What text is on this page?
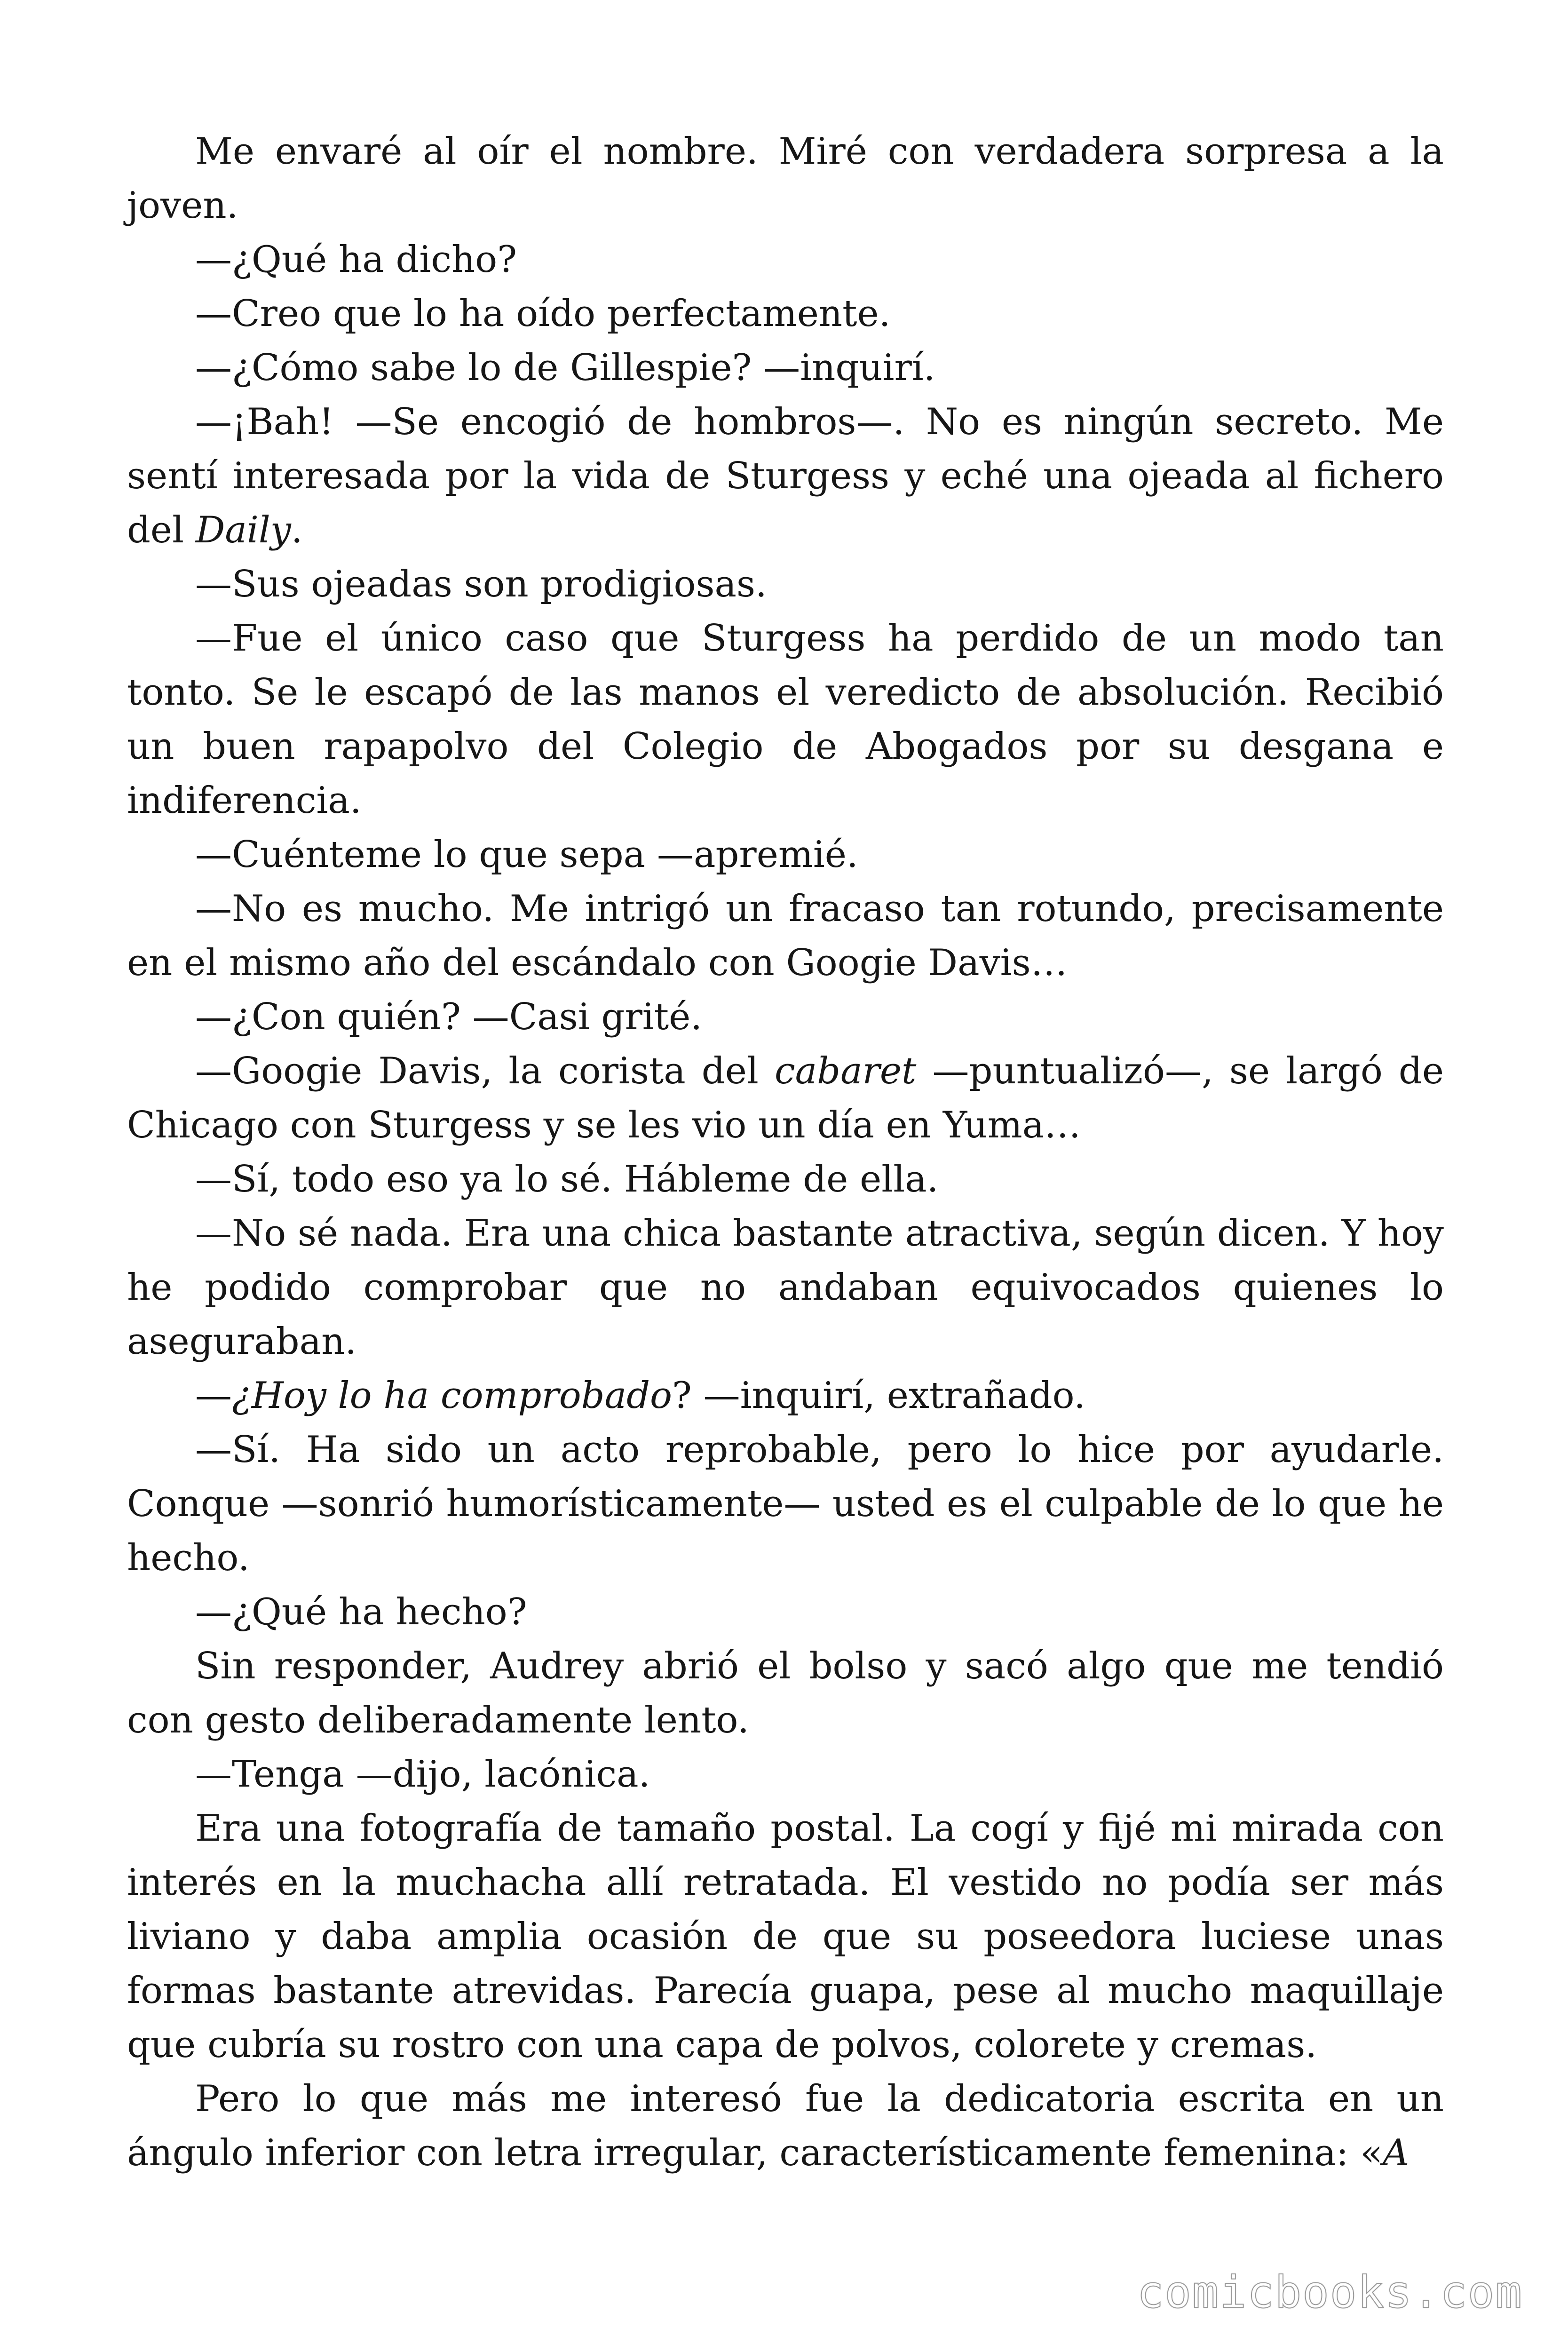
Me envaré al oír el nombre. Miré con verdadera sorpresa a la joven.

—¿Qué ha dicho?

—Creo que lo ha oído perfectamente.

—¿Cómo sabe lo de Gillespie? —inquirí.

—¡Bah! —Se encogió de hombros—. No es ningún secreto. Me sentí interesada por la vida de Sturgess y eché una ojeada al fichero del Daily.

—Sus ojeadas son prodigiosas.

—Fue el único caso que Sturgess ha perdido de un modo tan tonto. Se le escapó de las manos el veredicto de absolución. Recibió un buen rapapolvo del Colegio de Abogados por su desgana e indiferencia.

—Cuénteme lo que sepa —apremié.

—No es mucho. Me intrigó un fracaso tan rotundo, precisamente en el mismo año del escándalo con Googie Davis…

—¿Con quién? —Casi grité.

—Googie Davis, la corista del cabaret —puntualizó—, se largó de Chicago con Sturgess y se les vio un día en Yuma…

—Sí, todo eso ya lo sé. Hábleme de ella.

—No sé nada. Era una chica bastante atractiva, según dicen. Y hoy he podido comprobar que no andaban equivocados quienes lo aseguraban.

—¿Hoy lo ha comprobado? —inquirí, extrañado.

—Sí. Ha sido un acto reprobable, pero lo hice por ayudarle. Conque —sonrió humorísticamente— usted es el culpable de lo que he hecho.

—¿Qué ha hecho?

Sin responder, Audrey abrió el bolso y sacó algo que me tendió con gesto deliberadamente lento.

—Tenga —dijo, lacónica.

Era una fotografía de tamaño postal. La cogí y fijé mi mirada con interés en la muchacha allí retratada. El vestido no podía ser más liviano y daba amplia ocasión de que su poseedora luciese unas formas bastante atrevidas. Parecía guapa, pese al mucho maquillaje que cubría su rostro con una capa de polvos, colorete y cremas.

Pero lo que más me interesó fue la dedicatoria escrita en un ángulo inferior con letra irregular, característicamente femenina: «A

comicbooks.com
